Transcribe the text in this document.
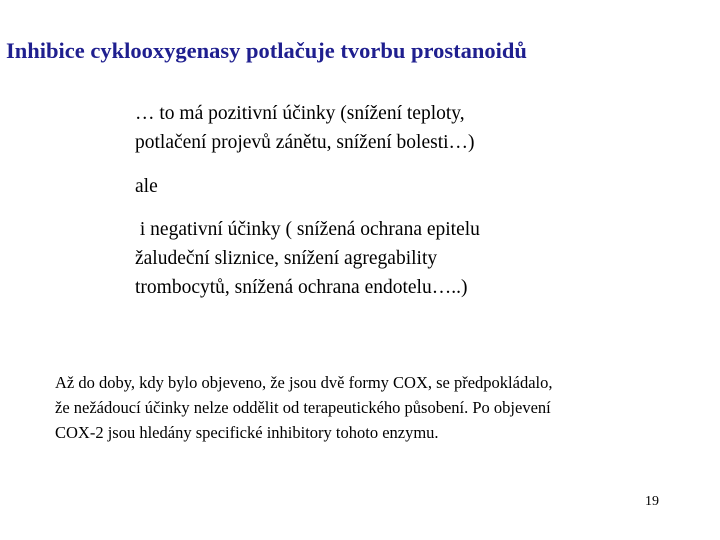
Inhibice cyklooxygenasy potlačuje tvorbu prostanoidů

… to má pozitivní účinky (snížení teploty,
potlačení projevů zánětu, snížení bolesti…)

ale

i negativní účinky ( snížená ochrana epitelu
žaludeční sliznice, snížení agregability
trombocytů, snížená ochrana endotelu…..)

Až do doby, kdy bylo objeveno, že jsou dvě formy COX, se předpokládalo,
že nežádoucí účinky nelze oddělit od terapeutického působení. Po objevení
COX-2 jsou hledány specifické inhibitory tohoto enzymu.

19
